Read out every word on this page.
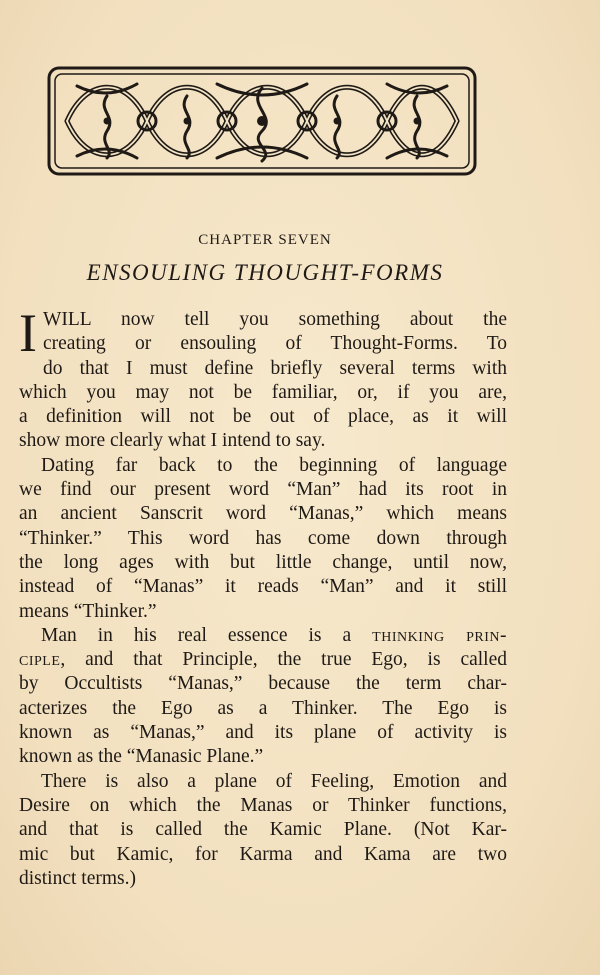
CHAPTER SEVEN
ENSOULING THOUGHT-FORMS

I WILL now tell you something about the
creating or ensouling of Thought-Forms. To
do that I must define briefly several terms with
which you may not be familiar, or, if you are,
a definition will not be out of place, as it will
show more clearly what I intend to say.

Dating far back to the beginning of language
we find our present word “Man” had its root in
an ancient Sanscrit word “Manas,” which means
“Thinker.” This word has come down through
the long ages with but little change, until now,
instead of “Manas” it reads “Man” and it still
means “Thinker.”

Man in his real essence is a thinking prin-
ciple, and that Principle, the true Ego, is called
by Occultists “Manas,” because the term char-
acterizes the Ego as a Thinker. The Ego is
known as “Manas,” and its plane of activity is
known as the “Manasic Plane.”

There is also a plane of Feeling, Emotion and
Desire on which the Manas or Thinker functions,
and that is called the Kamic Plane. (Not Kar-
mic but Kamic, for Karma and Kama are two
distinct terms.)
